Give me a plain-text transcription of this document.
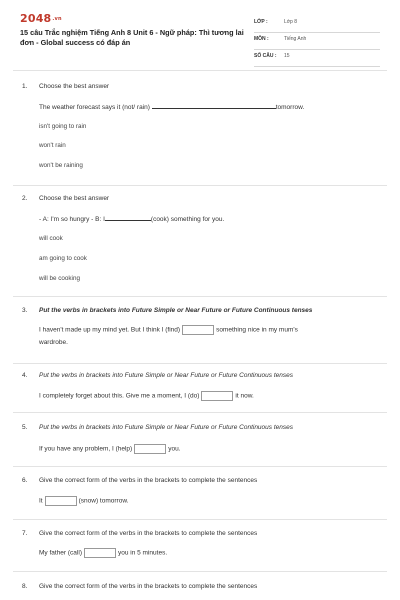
2048.vn
15 câu Trắc nghiệm Tiếng Anh 8 Unit 6 - Ngữ pháp: Thì tương lai đơn - Global success có đáp án
LỚP :	Lớp 8
MÔN :	Tiếng Anh
SỐ CÂU : 15
1. Choose the best answer
The weather forecast says it (not/ rain)	tomorrow.
isn't going to rain
won't rain
won't be raining
2. Choose the best answer
- A: I'm so hungry - B: I	(cook) something for you.
will cook
am going to cook
will be cooking
3. Put the verbs in brackets into Future Simple or Near Future or Future Continuous tenses
I haven't made up my mind yet. But I think I (find)	something nice in my mum's
wardrobe.
4. Put the verbs in brackets into Future Simple or Near Future or Future Continuous tenses
I completely forget about this. Give me a moment, I (do)	it now.
5. Put the verbs in brackets into Future Simple or Near Future or Future Continuous tenses
If you have any problem, I (help)	you.
6. Give the correct form of the verbs in the brackets to complete the sentences
It	(snow) tomorrow.
7. Give the correct form of the verbs in the brackets to complete the sentences
My father (call)	you in 5 minutes.
8. Give the correct form of the verbs in the brackets to complete the sentences
